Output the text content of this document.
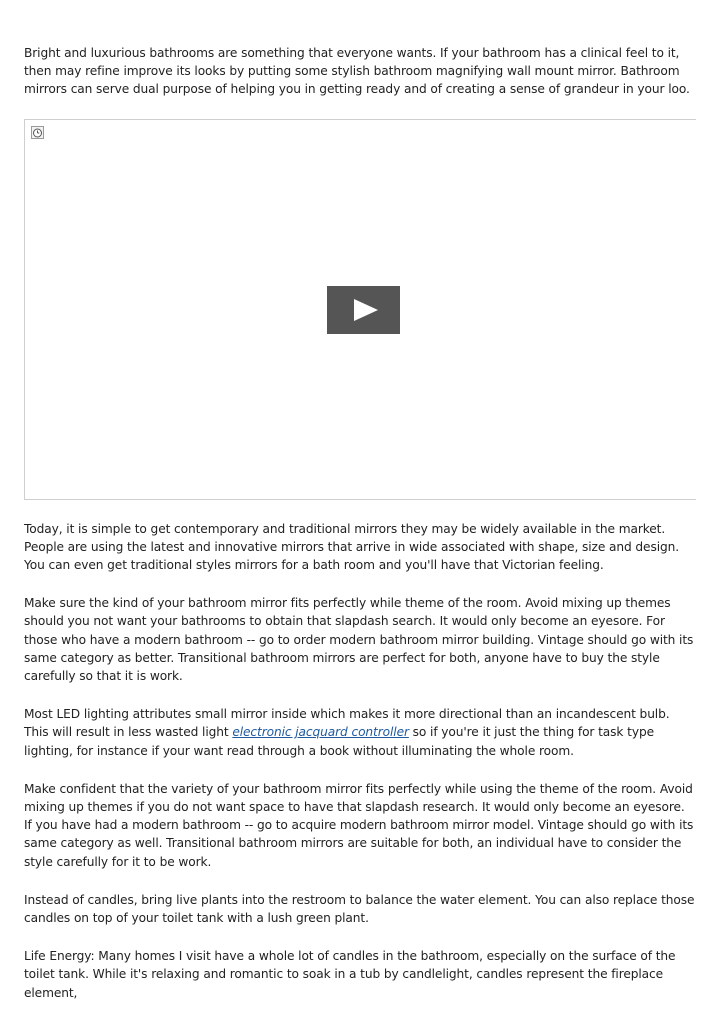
Bright and luxurious bathrooms are something that everyone wants. If your bathroom has a clinical feel to it, then may refine improve its looks by putting some stylish bathroom magnifying wall mount mirror. Bathroom mirrors can serve dual purpose of helping you in getting ready and of creating a sense of grandeur in your loo.

Today, it is simple to get contemporary and traditional mirrors they may be widely available in the market. People are using the latest and innovative mirrors that arrive in wide associated with shape, size and design. You can even get traditional styles mirrors for a bath room and you'll have that Victorian feeling.

Make sure the kind of your bathroom mirror fits perfectly while theme of the room. Avoid mixing up themes should you not want your bathrooms to obtain that slapdash search. It would only become an eyesore. For those who have a modern bathroom -- go to order modern bathroom mirror building. Vintage should go with its same category as better. Transitional bathroom mirrors are perfect for both, anyone have to buy the style carefully so that it is work.

Most LED lighting attributes small mirror inside which makes it more directional than an incandescent bulb. This will result in less wasted light electronic jacquard controller so if you're it just the thing for task type lighting, for instance if your want read through a book without illuminating the whole room.

Make confident that the variety of your bathroom mirror fits perfectly while using the theme of the room. Avoid mixing up themes if you do not want space to have that slapdash research. It would only become an eyesore. If you have had a modern bathroom -- go to acquire modern bathroom mirror model. Vintage should go with its same category as well. Transitional bathroom mirrors are suitable for both, an individual have to consider the style carefully for it to be work.

Instead of candles, bring live plants into the restroom to balance the water element. You can also replace those candles on top of your toilet tank with a lush green plant.

Life Energy: Many homes I visit have a whole lot of candles in the bathroom, especially on the surface of the toilet tank. While it's relaxing and romantic to soak in a tub by candlelight, candles represent the fireplace element,
